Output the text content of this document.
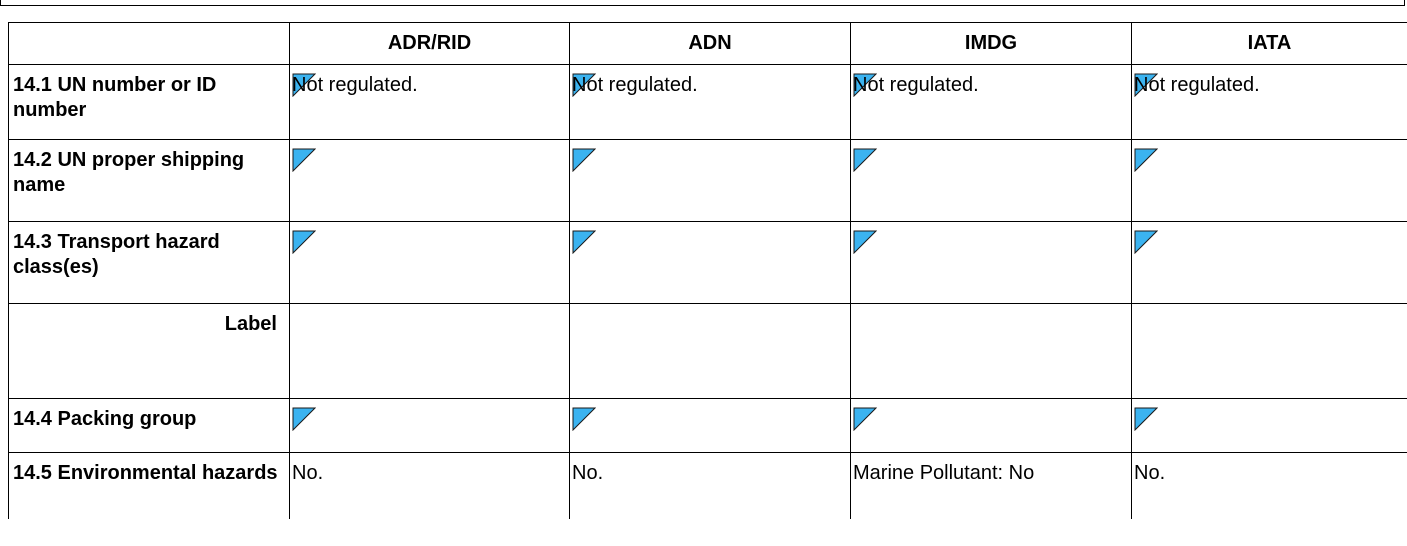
	ADR/RID	ADN	IMDG	IATA
14.1 UN number or ID number	Not regulated.	Not regulated.	Not regulated.	Not regulated.
14.2 UN proper shipping name				
14.3 Transport hazard class(es)				
Label				
14.4 Packing group				
14.5 Environmental hazards	No.	No.	Marine Pollutant: No	No.
